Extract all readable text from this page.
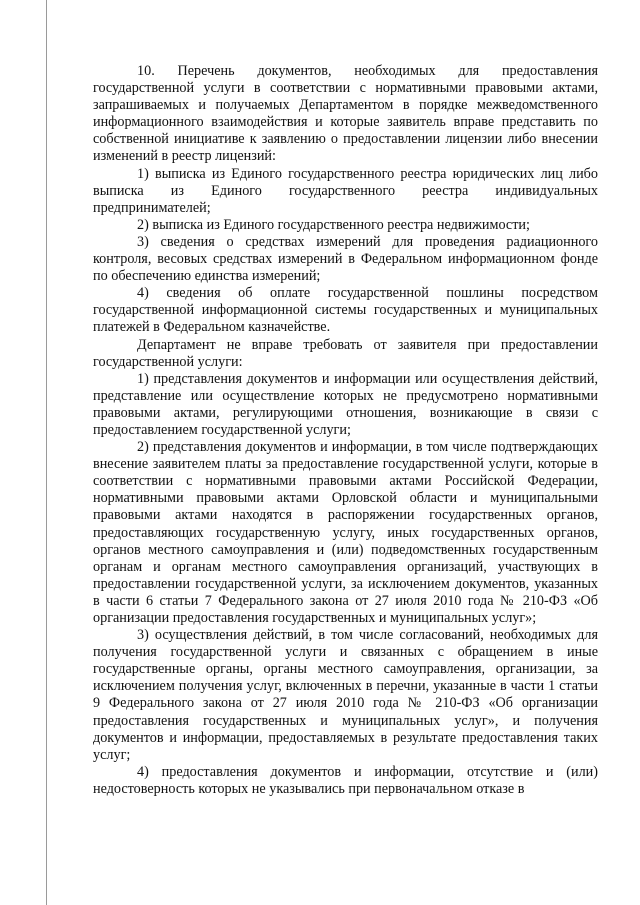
10. Перечень документов, необходимых для предоставления государственной услуги в соответствии с нормативными правовыми актами, запрашиваемых и получаемых Департаментом в порядке межведомственного информационного взаимодействия и которые заявитель вправе представить по собственной инициативе к заявлению о предоставлении лицензии либо внесении изменений в реестр лицензий:

1) выписка из Единого государственного реестра юридических лиц либо выписка из Единого государственного реестра индивидуальных предпринимателей;

2) выписка из Единого государственного реестра недвижимости;

3) сведения о средствах измерений для проведения радиационного контроля, весовых средствах измерений в Федеральном информационном фонде по обеспечению единства измерений;

4) сведения об оплате государственной пошлины посредством государственной информационной системы государственных и муниципальных платежей в Федеральном казначействе.

Департамент не вправе требовать от заявителя при предоставлении государственной услуги:

1) представления документов и информации или осуществления действий, представление или осуществление которых не предусмотрено нормативными правовыми актами, регулирующими отношения, возникающие в связи с предоставлением государственной услуги;

2) представления документов и информации, в том числе подтверждающих внесение заявителем платы за предоставление государственной услуги, которые в соответствии с нормативными правовыми актами Российской Федерации, нормативными правовыми актами Орловской области и муниципальными правовыми актами находятся в распоряжении государственных органов, предоставляющих государственную услугу, иных государственных органов, органов местного самоуправления и (или) подведомственных государственным органам и органам местного самоуправления организаций, участвующих в предоставлении государственной услуги, за исключением документов, указанных в части 6 статьи 7 Федерального закона от 27 июля 2010 года № 210-ФЗ «Об организации предоставления государственных и муниципальных услуг»;

3) осуществления действий, в том числе согласований, необходимых для получения государственной услуги и связанных с обращением в иные государственные органы, органы местного самоуправления, организации, за исключением получения услуг, включенных в перечни, указанные в части 1 статьи 9 Федерального закона от 27 июля 2010 года № 210-ФЗ «Об организации предоставления государственных и муниципальных услуг», и получения документов и информации, предоставляемых в результате предоставления таких услуг;

4) предоставления документов и информации, отсутствие и (или) недостоверность которых не указывались при первоначальном отказе в
